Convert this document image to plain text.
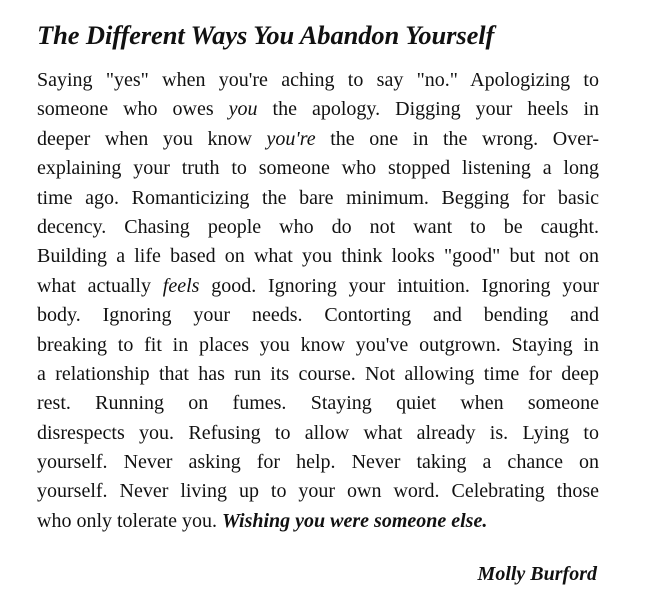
The Different Ways You Abandon Yourself

Saying "yes" when you're aching to say "no." Apologizing to
someone who owes you the apology. Digging your heels in
deeper when you know you're the one in the wrong. Over-
explaining your truth to someone who stopped listening a long
time ago. Romanticizing the bare minimum. Begging for basic
decency. Chasing people who do not want to be caught.
Building a life based on what you think looks "good" but not on
what actually feels good. Ignoring your intuition. Ignoring your
body. Ignoring your needs. Contorting and bending and
breaking to fit in places you know you've outgrown. Staying in
a relationship that has run its course. Not allowing time for deep
rest. Running on fumes. Staying quiet when someone
disrespects you. Refusing to allow what already is. Lying to
yourself. Never asking for help. Never taking a chance on
yourself. Never living up to your own word. Celebrating those
who only tolerate you. Wishing you were someone else.

Molly Burford
